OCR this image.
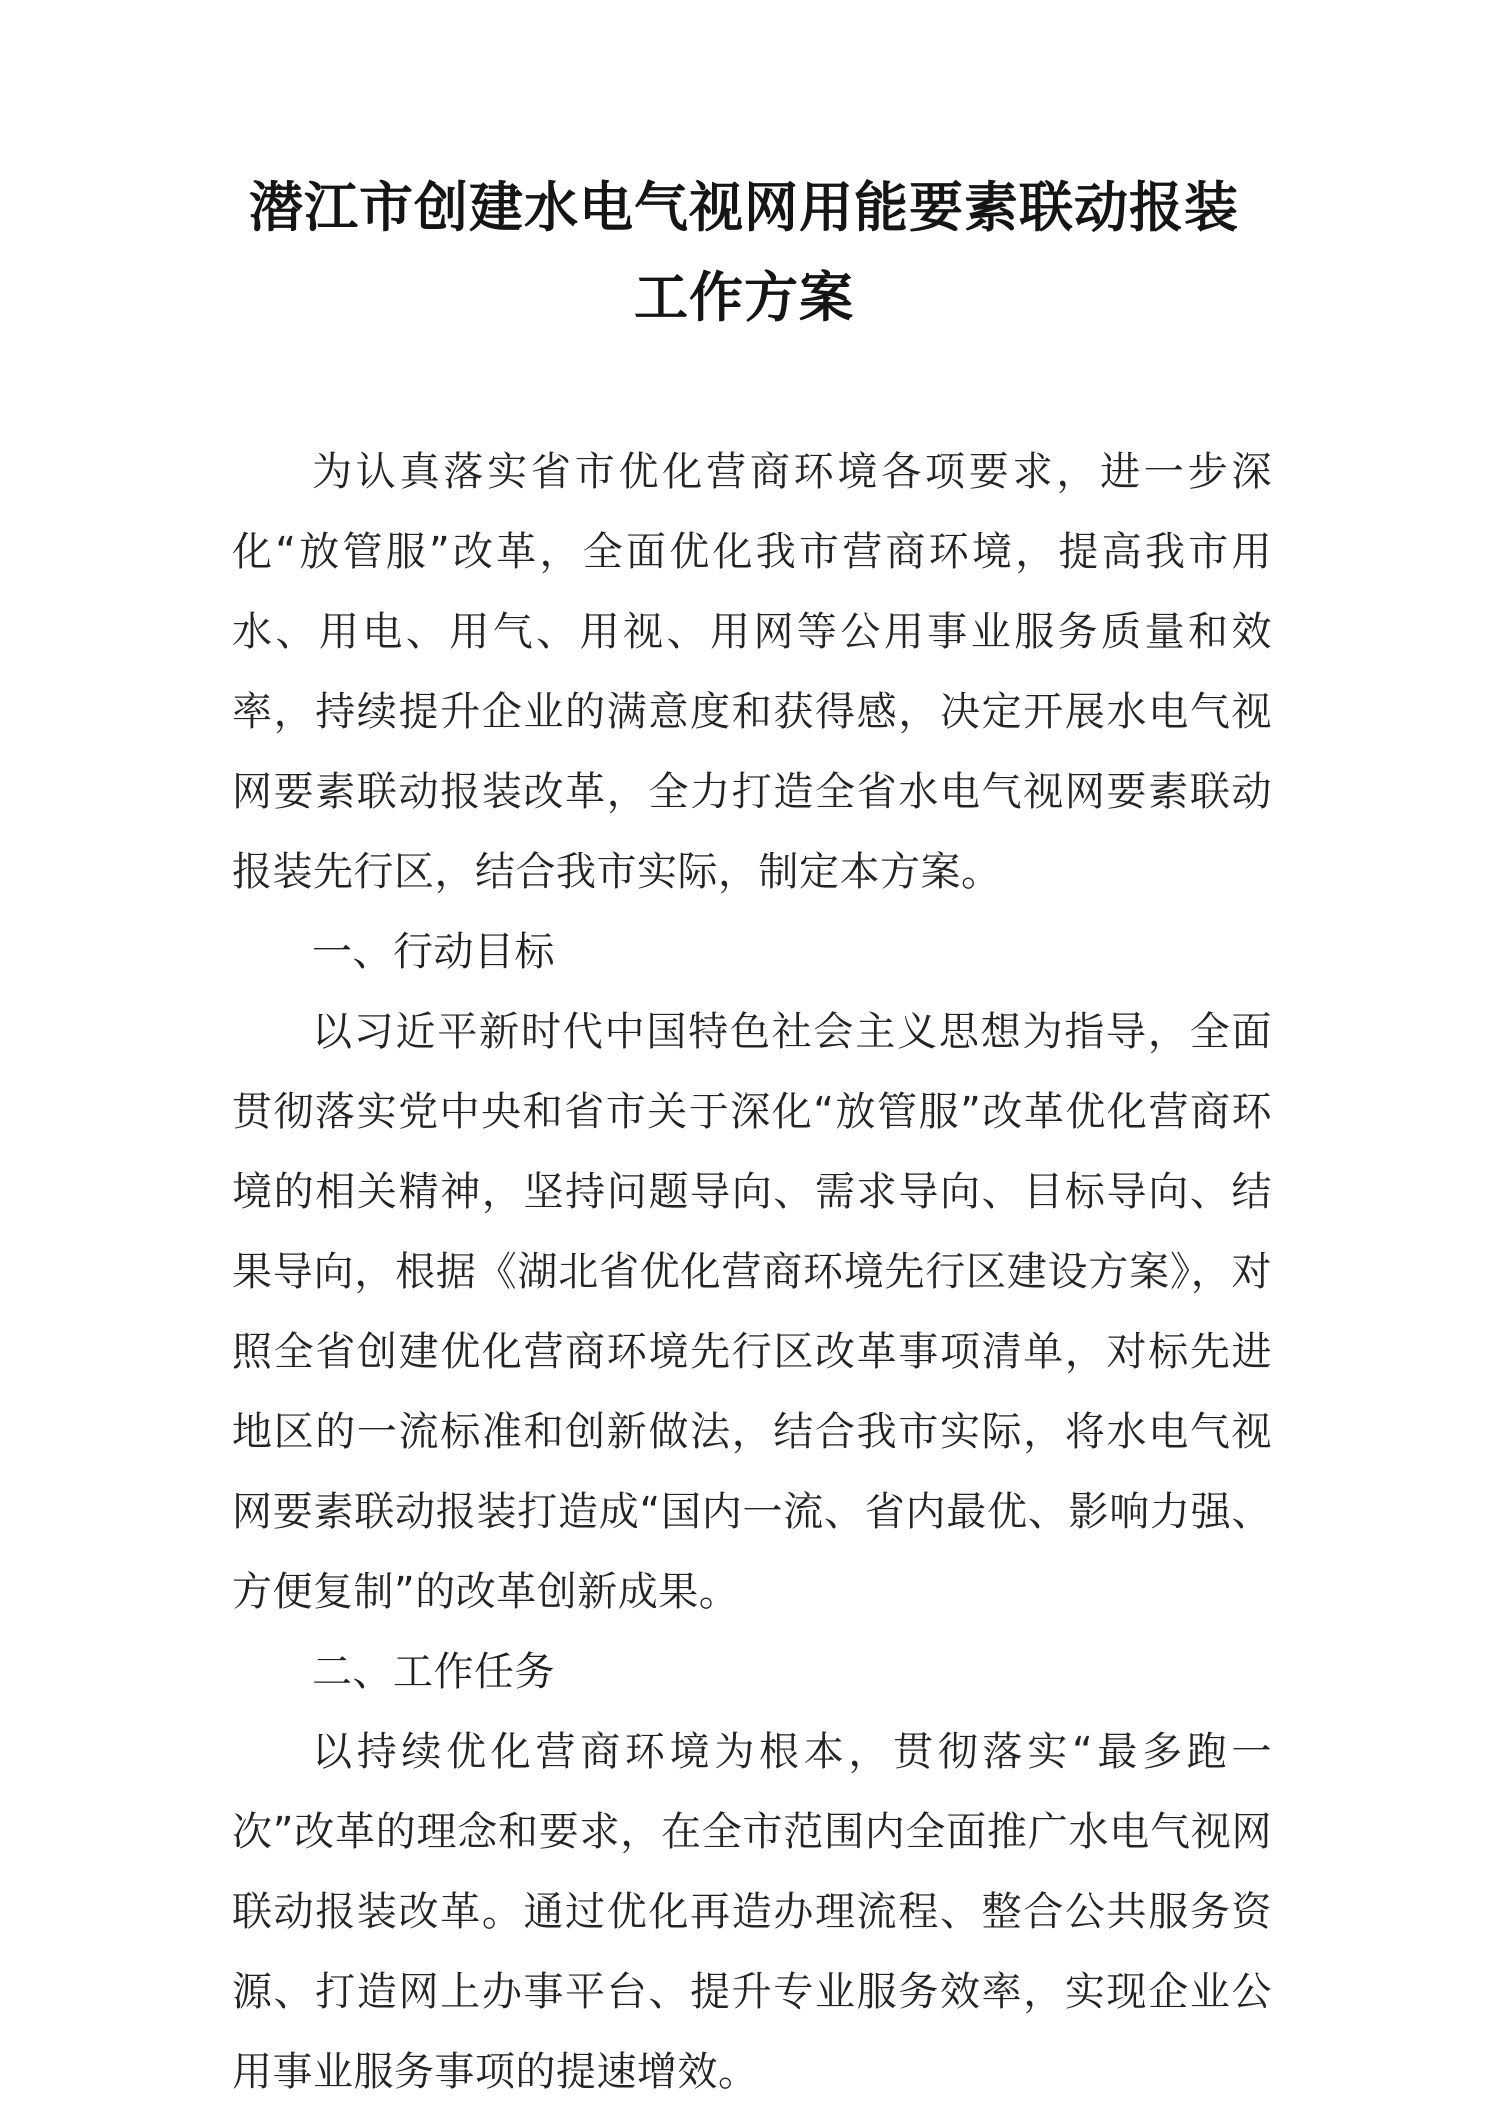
潜江市创建水电气视网用能要素联动报装
工作方案

为认真落实省市优化营商环境各项要求，进一步深化“放管服”改革，全面优化我市营商环境，提高我市用水、用电、用气、用视、用网等公用事业服务质量和效率，持续提升企业的满意度和获得感，决定开展水电气视网要素联动报装改革，全力打造全省水电气视网要素联动报装先行区，结合我市实际，制定本方案。

一、行动目标

以习近平新时代中国特色社会主义思想为指导，全面贯彻落实党中央和省市关于深化“放管服”改革优化营商环境的相关精神，坚持问题导向、需求导向、目标导向、结果导向，根据《湖北省优化营商环境先行区建设方案》，对照全省创建优化营商环境先行区改革事项清单，对标先进地区的一流标准和创新做法，结合我市实际，将水电气视网要素联动报装打造成“国内一流、省内最优、影响力强、方便复制”的改革创新成果。

二、工作任务

以持续优化营商环境为根本，贯彻落实“最多跑一次”改革的理念和要求，在全市范围内全面推广水电气视网联动报装改革。通过优化再造办理流程、整合公共服务资源、打造网上办事平台、提升专业服务效率，实现企业公用事业服务事项的提速增效。
